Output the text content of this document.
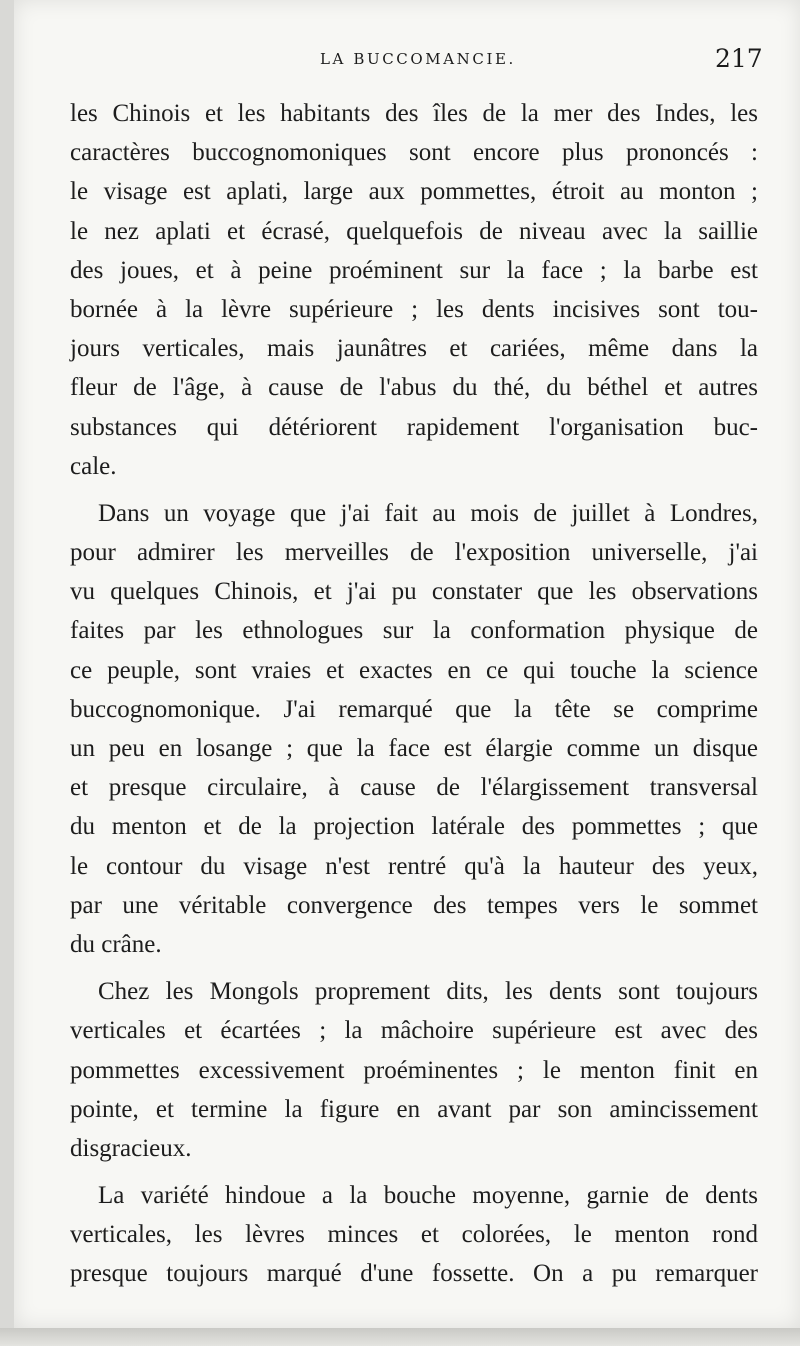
LA BUCCOMANCIE.	217

les Chinois et les habitants des îles de la mer des Indes, les
caractères buccognomoniques sont encore plus prononcés :
le visage est aplati, large aux pommettes, étroit au monton ;
le nez aplati et écrasé, quelquefois de niveau avec la saillie
des joues, et à peine proéminent sur la face ; la barbe est
bornée à la lèvre supérieure ; les dents incisives sont tou-
jours verticales, mais jaunâtres et cariées, même dans la
fleur de l'âge, à cause de l'abus du thé, du béthel et autres
substances qui détériorent rapidement l'organisation buc-
cale.

Dans un voyage que j'ai fait au mois de juillet à Londres,
pour admirer les merveilles de l'exposition universelle, j'ai
vu quelques Chinois, et j'ai pu constater que les observations
faites par les ethnologues sur la conformation physique de
ce peuple, sont vraies et exactes en ce qui touche la science
buccognomonique. J'ai remarqué que la tête se comprime
un peu en losange ; que la face est élargie comme un disque
et presque circulaire, à cause de l'élargissement transversal
du menton et de la projection latérale des pommettes ; que
le contour du visage n'est rentré qu'à la hauteur des yeux,
par une véritable convergence des tempes vers le sommet
du crâne.

Chez les Mongols proprement dits, les dents sont toujours
verticales et écartées ; la mâchoire supérieure est avec des
pommettes excessivement proéminentes ; le menton finit en
pointe, et termine la figure en avant par son amincissement
disgracieux.

La variété hindoue a la bouche moyenne, garnie de dents
verticales, les lèvres minces et colorées, le menton rond
presque toujours marqué d'une fossette. On a pu remarquer
